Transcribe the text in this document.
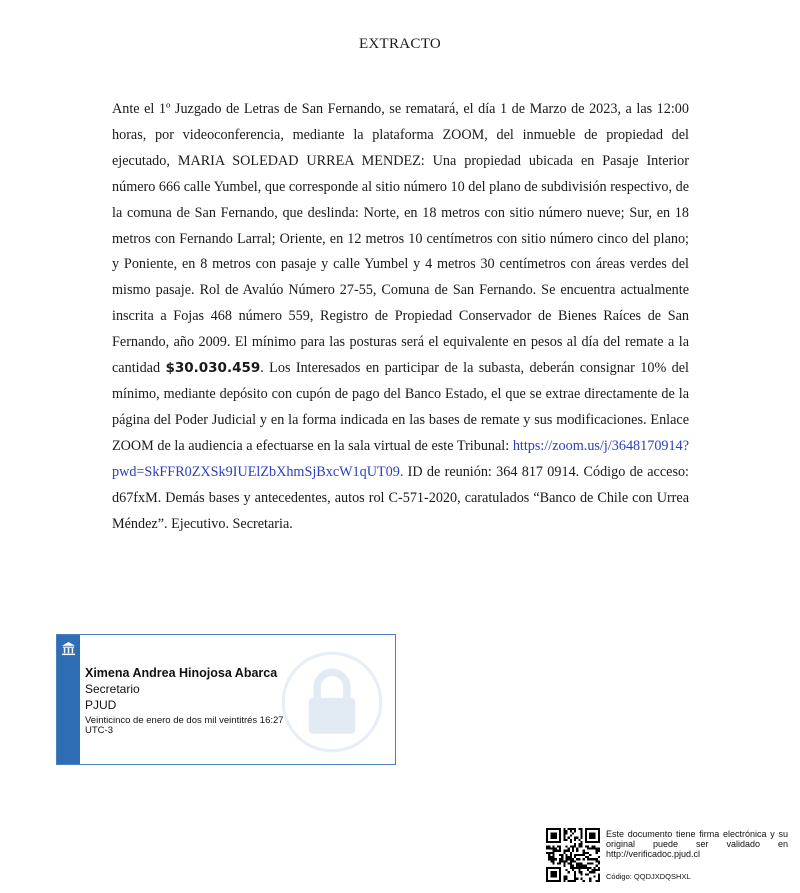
EXTRACTO
Ante el 1º Juzgado de Letras de San Fernando, se rematará, el día 1 de Marzo de 2023, a las 12:00 horas, por videoconferencia, mediante la plataforma ZOOM, del inmueble de propiedad del ejecutado, MARIA SOLEDAD URREA MENDEZ: Una propiedad ubicada en Pasaje Interior número 666 calle Yumbel, que corresponde al sitio número 10 del plano de subdivisión respectivo, de la comuna de San Fernando, que deslinda: Norte, en 18 metros con sitio número nueve; Sur, en 18 metros con Fernando Larral; Oriente, en 12 metros 10 centímetros con sitio número cinco del plano; y Poniente, en 8 metros con pasaje y calle Yumbel y 4 metros 30 centímetros con áreas verdes del mismo pasaje. Rol de Avalúo Número 27-55, Comuna de San Fernando. Se encuentra actualmente inscrita a Fojas 468 número 559, Registro de Propiedad Conservador de Bienes Raíces de San Fernando, año 2009. El mínimo para las posturas será el equivalente en pesos al día del remate a la cantidad $30.030.459. Los Interesados en participar de la subasta, deberán consignar 10% del mínimo, mediante depósito con cupón de pago del Banco Estado, el que se extrae directamente de la página del Poder Judicial y en la forma indicada en las bases de remate y sus modificaciones. Enlace ZOOM de la audiencia a efectuarse en la sala virtual de este Tribunal: https://zoom.us/j/3648170914?pwd=SkFFR0ZXSk9IUElZbXhmSjBxcW1qUT09. ID de reunión: 364 817 0914. Código de acceso: d67fxM. Demás bases y antecedentes, autos rol C-571-2020, caratulados “Banco de Chile con Urrea Méndez”. Ejecutivo. Secretaria.
Ximena Andrea Hinojosa Abarca
Secretario
PJUD
Veinticinco de enero de dos mil veintitrés 16:27 UTC-3
Este documento tiene firma electrónica y su original puede ser validado en http://verificadoc.pjud.cl
Código: QQDJXDQSHXL
